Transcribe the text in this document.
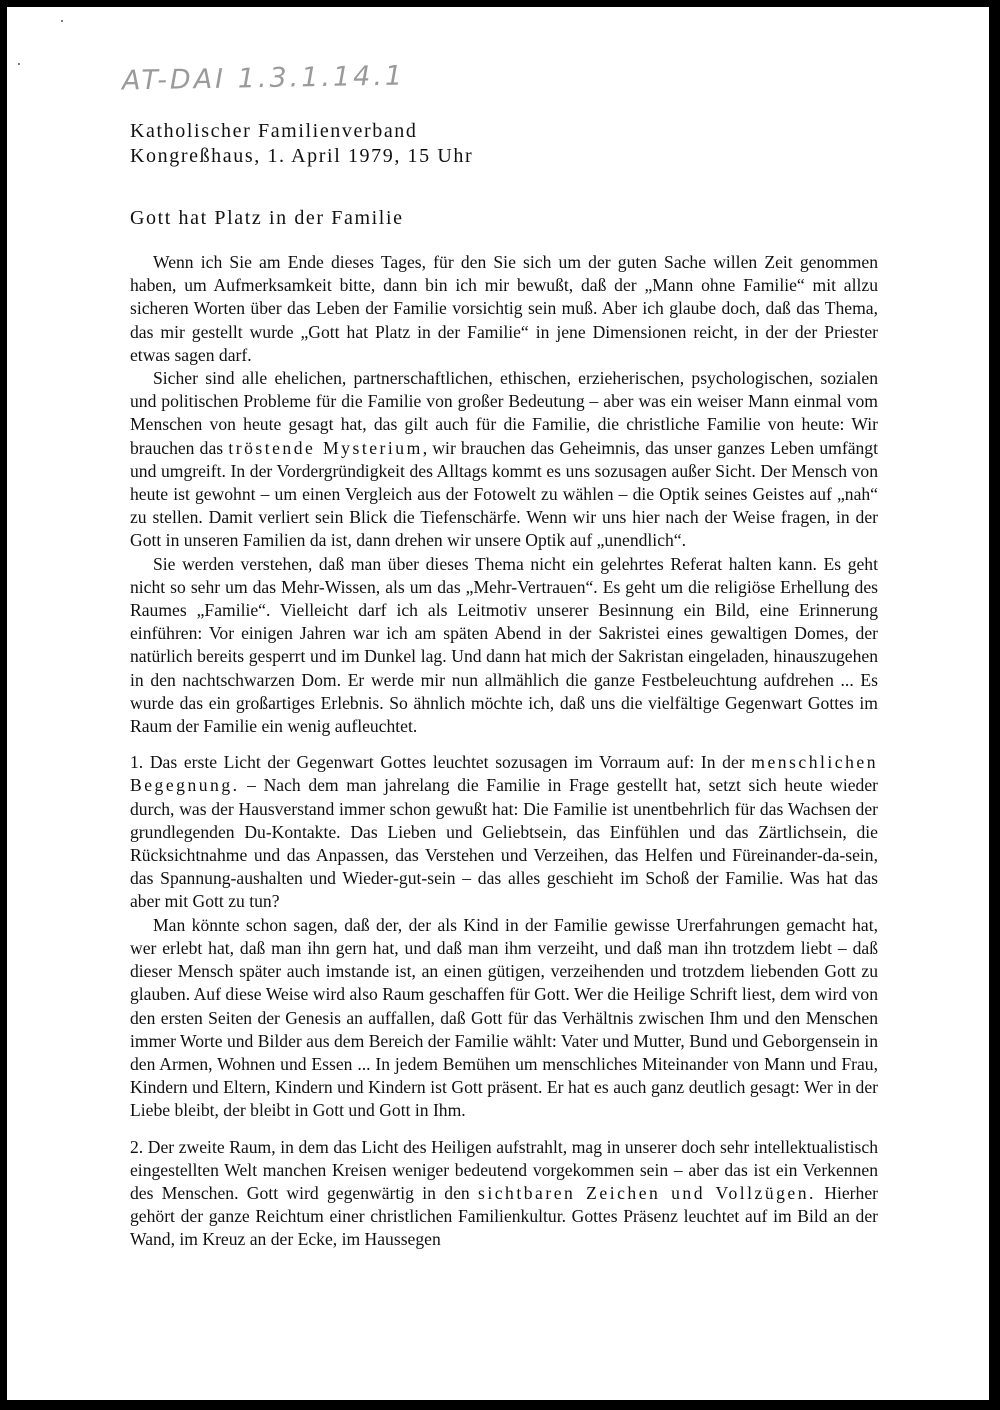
AT-DAI 1.3.1.14.1
Katholischer Familienverband
Kongreßhaus, 1. April 1979, 15 Uhr
Gott hat Platz in der Familie

Wenn ich Sie am Ende dieses Tages, für den Sie sich um der guten Sache willen Zeit genommen haben, um Aufmerksamkeit bitte, dann bin ich mir bewußt, daß der „Mann ohne Familie“ mit allzu sicheren Worten über das Leben der Familie vorsichtig sein muß. Aber ich glaube doch, daß das Thema, das mir gestellt wurde „Gott hat Platz in der Familie“ in jene Dimensionen reicht, in der der Priester etwas sagen darf.

Sicher sind alle ehelichen, partnerschaftlichen, ethischen, erzieherischen, psychologischen, sozialen und politischen Probleme für die Familie von großer Bedeutung – aber was ein weiser Mann einmal vom Menschen von heute gesagt hat, das gilt auch für die Familie, die christliche Familie von heute: Wir brauchen das tröstende Mysterium, wir brauchen das Geheimnis, das unser ganzes Leben umfängt und umgreift. In der Vordergründigkeit des Alltags kommt es uns sozusagen außer Sicht. Der Mensch von heute ist gewohnt – um einen Vergleich aus der Fotowelt zu wählen – die Optik seines Geistes auf „nah“ zu stellen. Damit verliert sein Blick die Tiefenschärfe. Wenn wir uns hier nach der Weise fragen, in der Gott in unseren Familien da ist, dann drehen wir unsere Optik auf „unendlich“.

Sie werden verstehen, daß man über dieses Thema nicht ein gelehrtes Referat halten kann. Es geht nicht so sehr um das Mehr-Wissen, als um das „Mehr-Vertrauen“. Es geht um die religiöse Erhellung des Raumes „Familie“. Vielleicht darf ich als Leitmotiv unserer Besinnung ein Bild, eine Erinnerung einführen: Vor einigen Jahren war ich am späten Abend in der Sakristei eines gewaltigen Domes, der natürlich bereits gesperrt und im Dunkel lag. Und dann hat mich der Sakristan eingeladen, hinauszugehen in den nachtschwarzen Dom. Er werde mir nun allmählich die ganze Festbeleuchtung aufdrehen ... Es wurde das ein großartiges Erlebnis. So ähnlich möchte ich, daß uns die vielfältige Gegenwart Gottes im Raum der Familie ein wenig aufleuchtet.

1. Das erste Licht der Gegenwart Gottes leuchtet sozusagen im Vorraum auf: In der menschlichen Begegnung. – Nach dem man jahrelang die Familie in Frage gestellt hat, setzt sich heute wieder durch, was der Hausverstand immer schon gewußt hat: Die Familie ist unentbehrlich für das Wachsen der grundlegenden Du-Kontakte. Das Lieben und Geliebtsein, das Einfühlen und das Zärtlichsein, die Rücksichtnahme und das Anpassen, das Verstehen und Verzeihen, das Helfen und Füreinander-da-sein, das Spannung-aushalten und Wieder-gut-sein – das alles geschieht im Schoß der Familie. Was hat das aber mit Gott zu tun?

Man könnte schon sagen, daß der, der als Kind in der Familie gewisse Urerfahrungen gemacht hat, wer erlebt hat, daß man ihn gern hat, und daß man ihm verzeiht, und daß man ihn trotzdem liebt – daß dieser Mensch später auch imstande ist, an einen gütigen, verzeihenden und trotzdem liebenden Gott zu glauben. Auf diese Weise wird also Raum geschaffen für Gott. Wer die Heilige Schrift liest, dem wird von den ersten Seiten der Genesis an auffallen, daß Gott für das Verhältnis zwischen Ihm und den Menschen immer Worte und Bilder aus dem Bereich der Familie wählt: Vater und Mutter, Bund und Geborgensein in den Armen, Wohnen und Essen ... In jedem Bemühen um menschliches Miteinander von Mann und Frau, Kindern und Eltern, Kindern und Kindern ist Gott präsent. Er hat es auch ganz deutlich gesagt: Wer in der Liebe bleibt, der bleibt in Gott und Gott in Ihm.

2. Der zweite Raum, in dem das Licht des Heiligen aufstrahlt, mag in unserer doch sehr intellektualistisch eingestellten Welt manchen Kreisen weniger bedeutend vorgekommen sein – aber das ist ein Verkennen des Menschen. Gott wird gegenwärtig in den sichtbaren Zeichen und Vollzügen. Hierher gehört der ganze Reichtum einer christlichen Familienkultur. Gottes Präsenz leuchtet auf im Bild an der Wand, im Kreuz an der Ecke, im Haussegen
